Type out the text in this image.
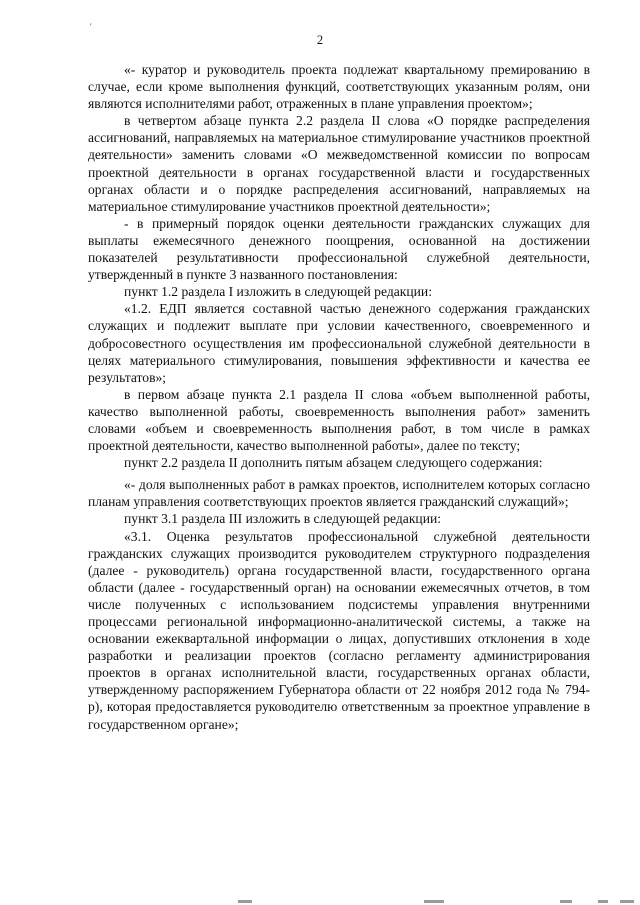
'
2

«- куратор и руководитель проекта подлежат квартальному премированию в случае, если кроме выполнения функций, соответствующих указанным ролям, они являются исполнителями работ, отраженных в плане управления проектом»;

в четвертом абзаце пункта 2.2 раздела II слова «О порядке распределения ассигнований, направляемых на материальное стимулирование участников проектной деятельности» заменить словами «О межведомственной комиссии по вопросам проектной деятельности в органах государственной власти и государственных органах области и о порядке распределения ассигнований, направляемых на материальное стимулирование участников проектной деятельности»;

- в примерный порядок оценки деятельности гражданских служащих для выплаты ежемесячного денежного поощрения, основанной на достижении показателей результативности профессиональной служебной деятельности, утвержденный в пункте 3 названного постановления:

пункт 1.2 раздела I изложить в следующей редакции:

«1.2. ЕДП является составной частью денежного содержания гражданских служащих и подлежит выплате при условии качественного, своевременного и добросовестного осуществления им профессиональной служебной деятельности в целях материального стимулирования, повышения эффективности и качества ее результатов»;

в первом абзаце пункта 2.1 раздела II слова «объем выполненной работы, качество выполненной работы, своевременность выполнения работ» заменить словами «объем и своевременность выполнения работ, в том числе в рамках проектной деятельности, качество выполненной работы», далее по тексту;

пункт 2.2 раздела II дополнить пятым абзацем следующего содержания:

«- доля выполненных работ в рамках проектов, исполнителем которых согласно планам управления соответствующих проектов является гражданский служащий»;

пункт 3.1 раздела III изложить в следующей редакции:

«3.1. Оценка результатов профессиональной служебной деятельности гражданских служащих производится руководителем структурного подразделения (далее - руководитель) органа государственной власти, государственного органа области (далее - государственный орган) на основании ежемесячных отчетов, в том числе полученных с использованием подсистемы управления внутренними процессами региональной информационно-аналитической системы, а также на основании ежеквартальной информации о лицах, допустивших отклонения в ходе разработки и реализации проектов (согласно регламенту администрирования проектов в органах исполнительной власти, государственных органах области, утвержденному распоряжением Губернатора области от 22 ноября 2012 года № 794-р), которая предоставляется руководителю ответственным за проектное управление в государственном органе»;
